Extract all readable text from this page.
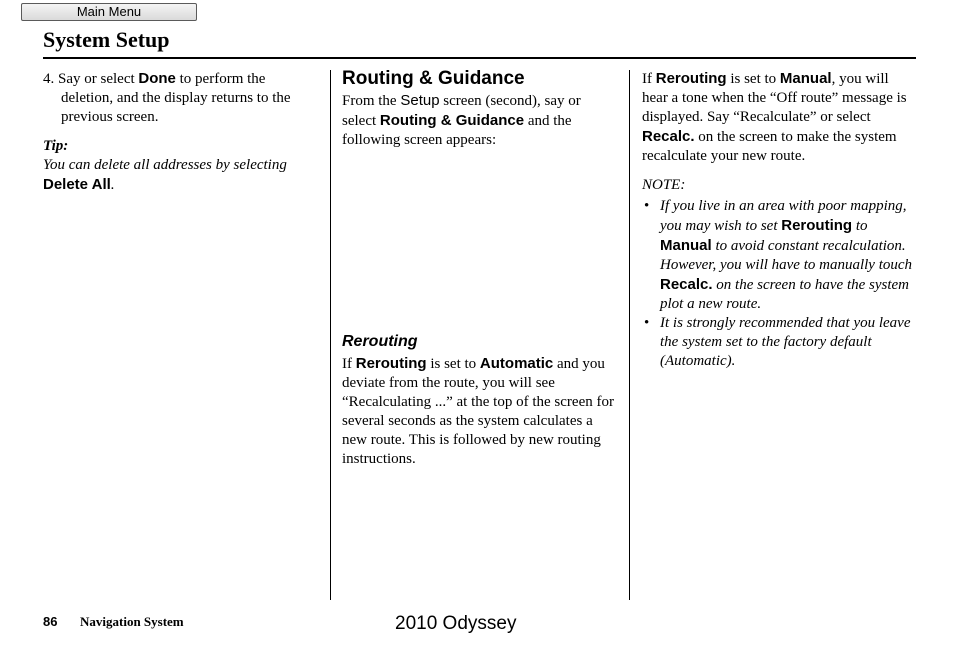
Main Menu
System Setup

4. Say or select Done to perform the deletion, and the display returns to the previous screen.

Tip:

You can delete all addresses by selecting Delete All.

Routing & Guidance

From the Setup screen (second), say or select Routing & Guidance and the following screen appears:

Rerouting

If Rerouting is set to Automatic and you deviate from the route, you will see “Recalculating ...” at the top of the screen for several seconds as the system calculates a new route. This is followed by new routing instructions.

If Rerouting is set to Manual, you will hear a tone when the “Off route” message is displayed. Say “Recalculate” or select Recalc. on the screen to make the system recalculate your new route.

NOTE:

• If you live in an area with poor mapping, you may wish to set Rerouting to Manual to avoid constant recalculation. However, you will have to manually touch Recalc. on the screen to have the system plot a new route.
• It is strongly recommended that you leave the system set to the factory default (Automatic).
86 Navigation System	2010 Odyssey
